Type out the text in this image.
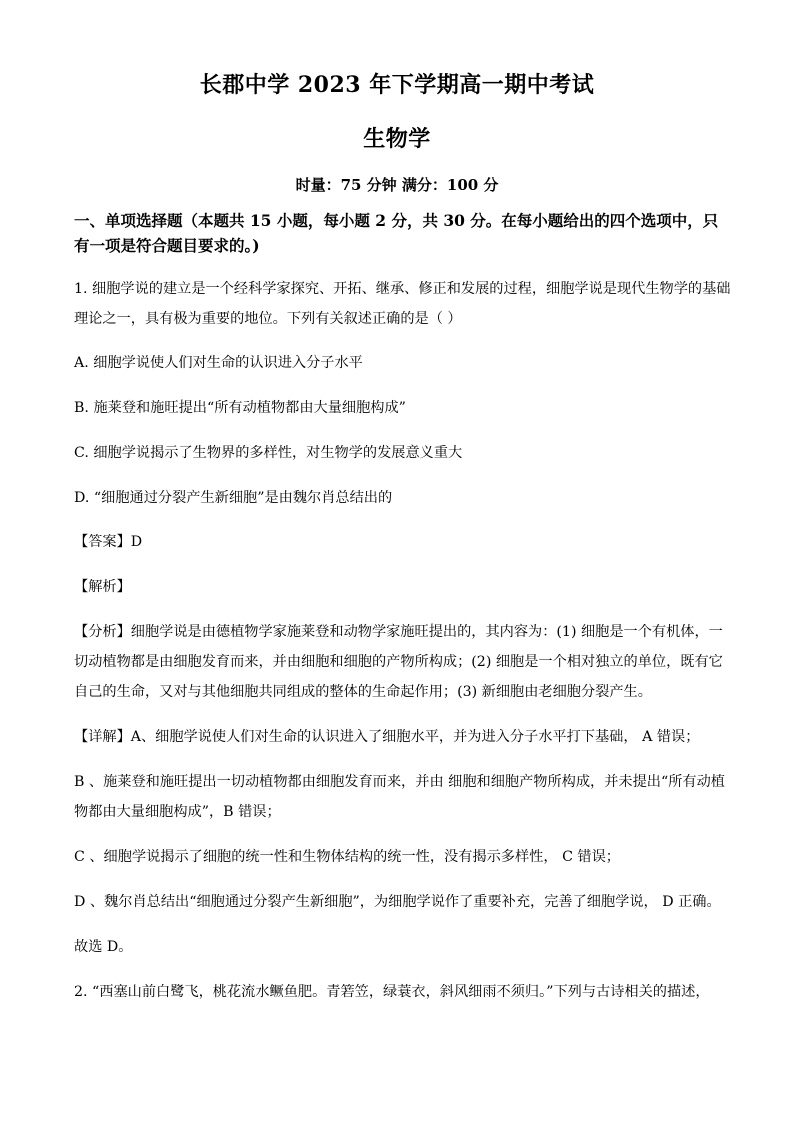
长郡中学 2023 年下学期高一期中考试
生物学
时量：75 分钟 满分：100 分
一、单项选择题（本题共 15 小题，每小题 2 分，共 30 分。在每小题给出的四个选项中，只
有一项是符合题目要求的。)
1. 细胞学说的建立是一个经科学家探究、开拓、继承、修正和发展的过程，细胞学说是现代生物学的基础
理论之一，具有极为重要的地位。下列有关叙述正确的是（ ）
A. 细胞学说使人们对生命的认识进入分子水平
B. 施莱登和施旺提出“所有动植物都由大量细胞构成”
C. 细胞学说揭示了生物界的多样性，对生物学的发展意义重大
D. “细胞通过分裂产生新细胞”是由魏尔肖总结出的
【答案】D
【解析】
【分析】细胞学说是由德植物学家施莱登和动物学家施旺提出的，其内容为：(1) 细胞是一个有机体，一
切动植物都是由细胞发育而来，并由细胞和细胞的产物所构成；(2) 细胞是一个相对独立的单位，既有它
自己的生命，又对与其他细胞共同组成的整体的生命起作用；(3) 新细胞由老细胞分裂产生。
【详解】A、细胞学说使人们对生命的认识进入了细胞水平，并为进入分子水平打下基础， A 错误；
B 、施莱登和施旺提出一切动植物都由细胞发育而来，并由 细胞和细胞产物所构成，并未提出“所有动植
物都由大量细胞构成”，B 错误；
C 、细胞学说揭示了细胞的统一性和生物体结构的统一性，没有揭示多样性， C 错误；
D 、魏尔肖总结出“细胞通过分裂产生新细胞”，为细胞学说作了重要补充，完善了细胞学说， D 正确。
故选 D。
2. “西塞山前白鹭飞，桃花流水鳜鱼肥。青箬笠，绿蓑衣，斜风细雨不须归。”下列与古诗相关的描述，
